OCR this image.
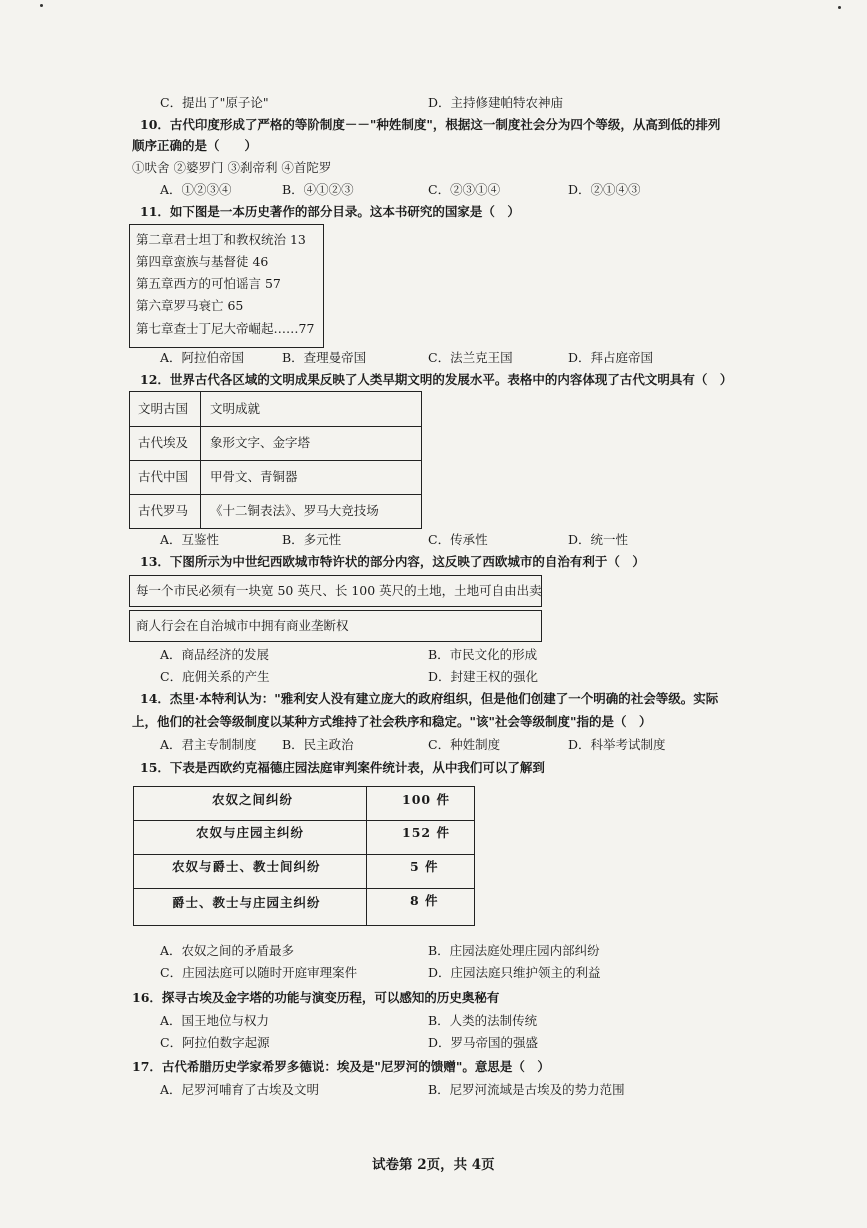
C．提出了"原子论"	D．主持修建帕特农神庙
10．古代印度形成了严格的等阶制度－－"种姓制度"，根据这一制度社会分为四个等级，从高到低的排列
顺序正确的是（　　）
①吠舍 ②婆罗门 ③刹帝利 ④首陀罗
A．①②③④	B．④①②③	C．②③①④	D．②①④③
11．如下图是一本历史著作的部分目录。这本书研究的国家是（　）
第二章君士坦丁和教权统治 13
第四章蛮族与基督徒 46
第五章西方的可怕谣言 57
第六章罗马衰亡 65
第七章查士丁尼大帝崛起……77
A．阿拉伯帝国	B．查理曼帝国	C．法兰克王国	D．拜占庭帝国
12．世界古代各区域的文明成果反映了人类早期文明的发展水平。表格中的内容体现了古代文明具有（　）
文明古国 文明成就
古代埃及 象形文字、金字塔
古代中国 甲骨文、青铜器
古代罗马 《十二铜表法》、罗马大竞技场
A．互鉴性	B．多元性	C．传承性	D．统一性
13．下图所示为中世纪西欧城市特许状的部分内容，这反映了西欧城市的自治有利于（　）
每一个市民必须有一块宽 50 英尺、长 100 英尺的土地，土地可自由出卖
商人行会在自治城市中拥有商业垄断权
A．商品经济的发展	B．市民文化的形成
C．庇佣关系的产生	D．封建王权的强化
14．杰里·本特利认为："雅利安人没有建立庞大的政府组织，但是他们创建了一个明确的社会等级。实际
上，他们的社会等级制度以某种方式维持了社会秩序和稳定。"该"社会等级制度"指的是（　）
A．君主专制制度 B．民主政治	C．种姓制度	D．科举考试制度
15．下表是西欧约克福德庄园法庭审判案件统计表，从中我们可以了解到
农奴之间纠纷	100 件
农奴与庄园主纠纷	152 件
农奴与爵士、教士间纠纷	5 件
爵士、教士与庄园主纠纷	8 件
A．农奴之间的矛盾最多	B．庄园法庭处理庄园内部纠纷
C．庄园法庭可以随时开庭审理案件	D．庄园法庭只维护领主的利益
16．探寻古埃及金字塔的功能与演变历程，可以感知的历史奥秘有
A．国王地位与权力	B．人类的法制传统
C．阿拉伯数字起源	D．罗马帝国的强盛
17．古代希腊历史学家希罗多德说：埃及是"尼罗河的馈赠"。意思是（　）
A．尼罗河哺育了古埃及文明	B．尼罗河流域是古埃及的势力范围
试卷第 2页，共 4页
